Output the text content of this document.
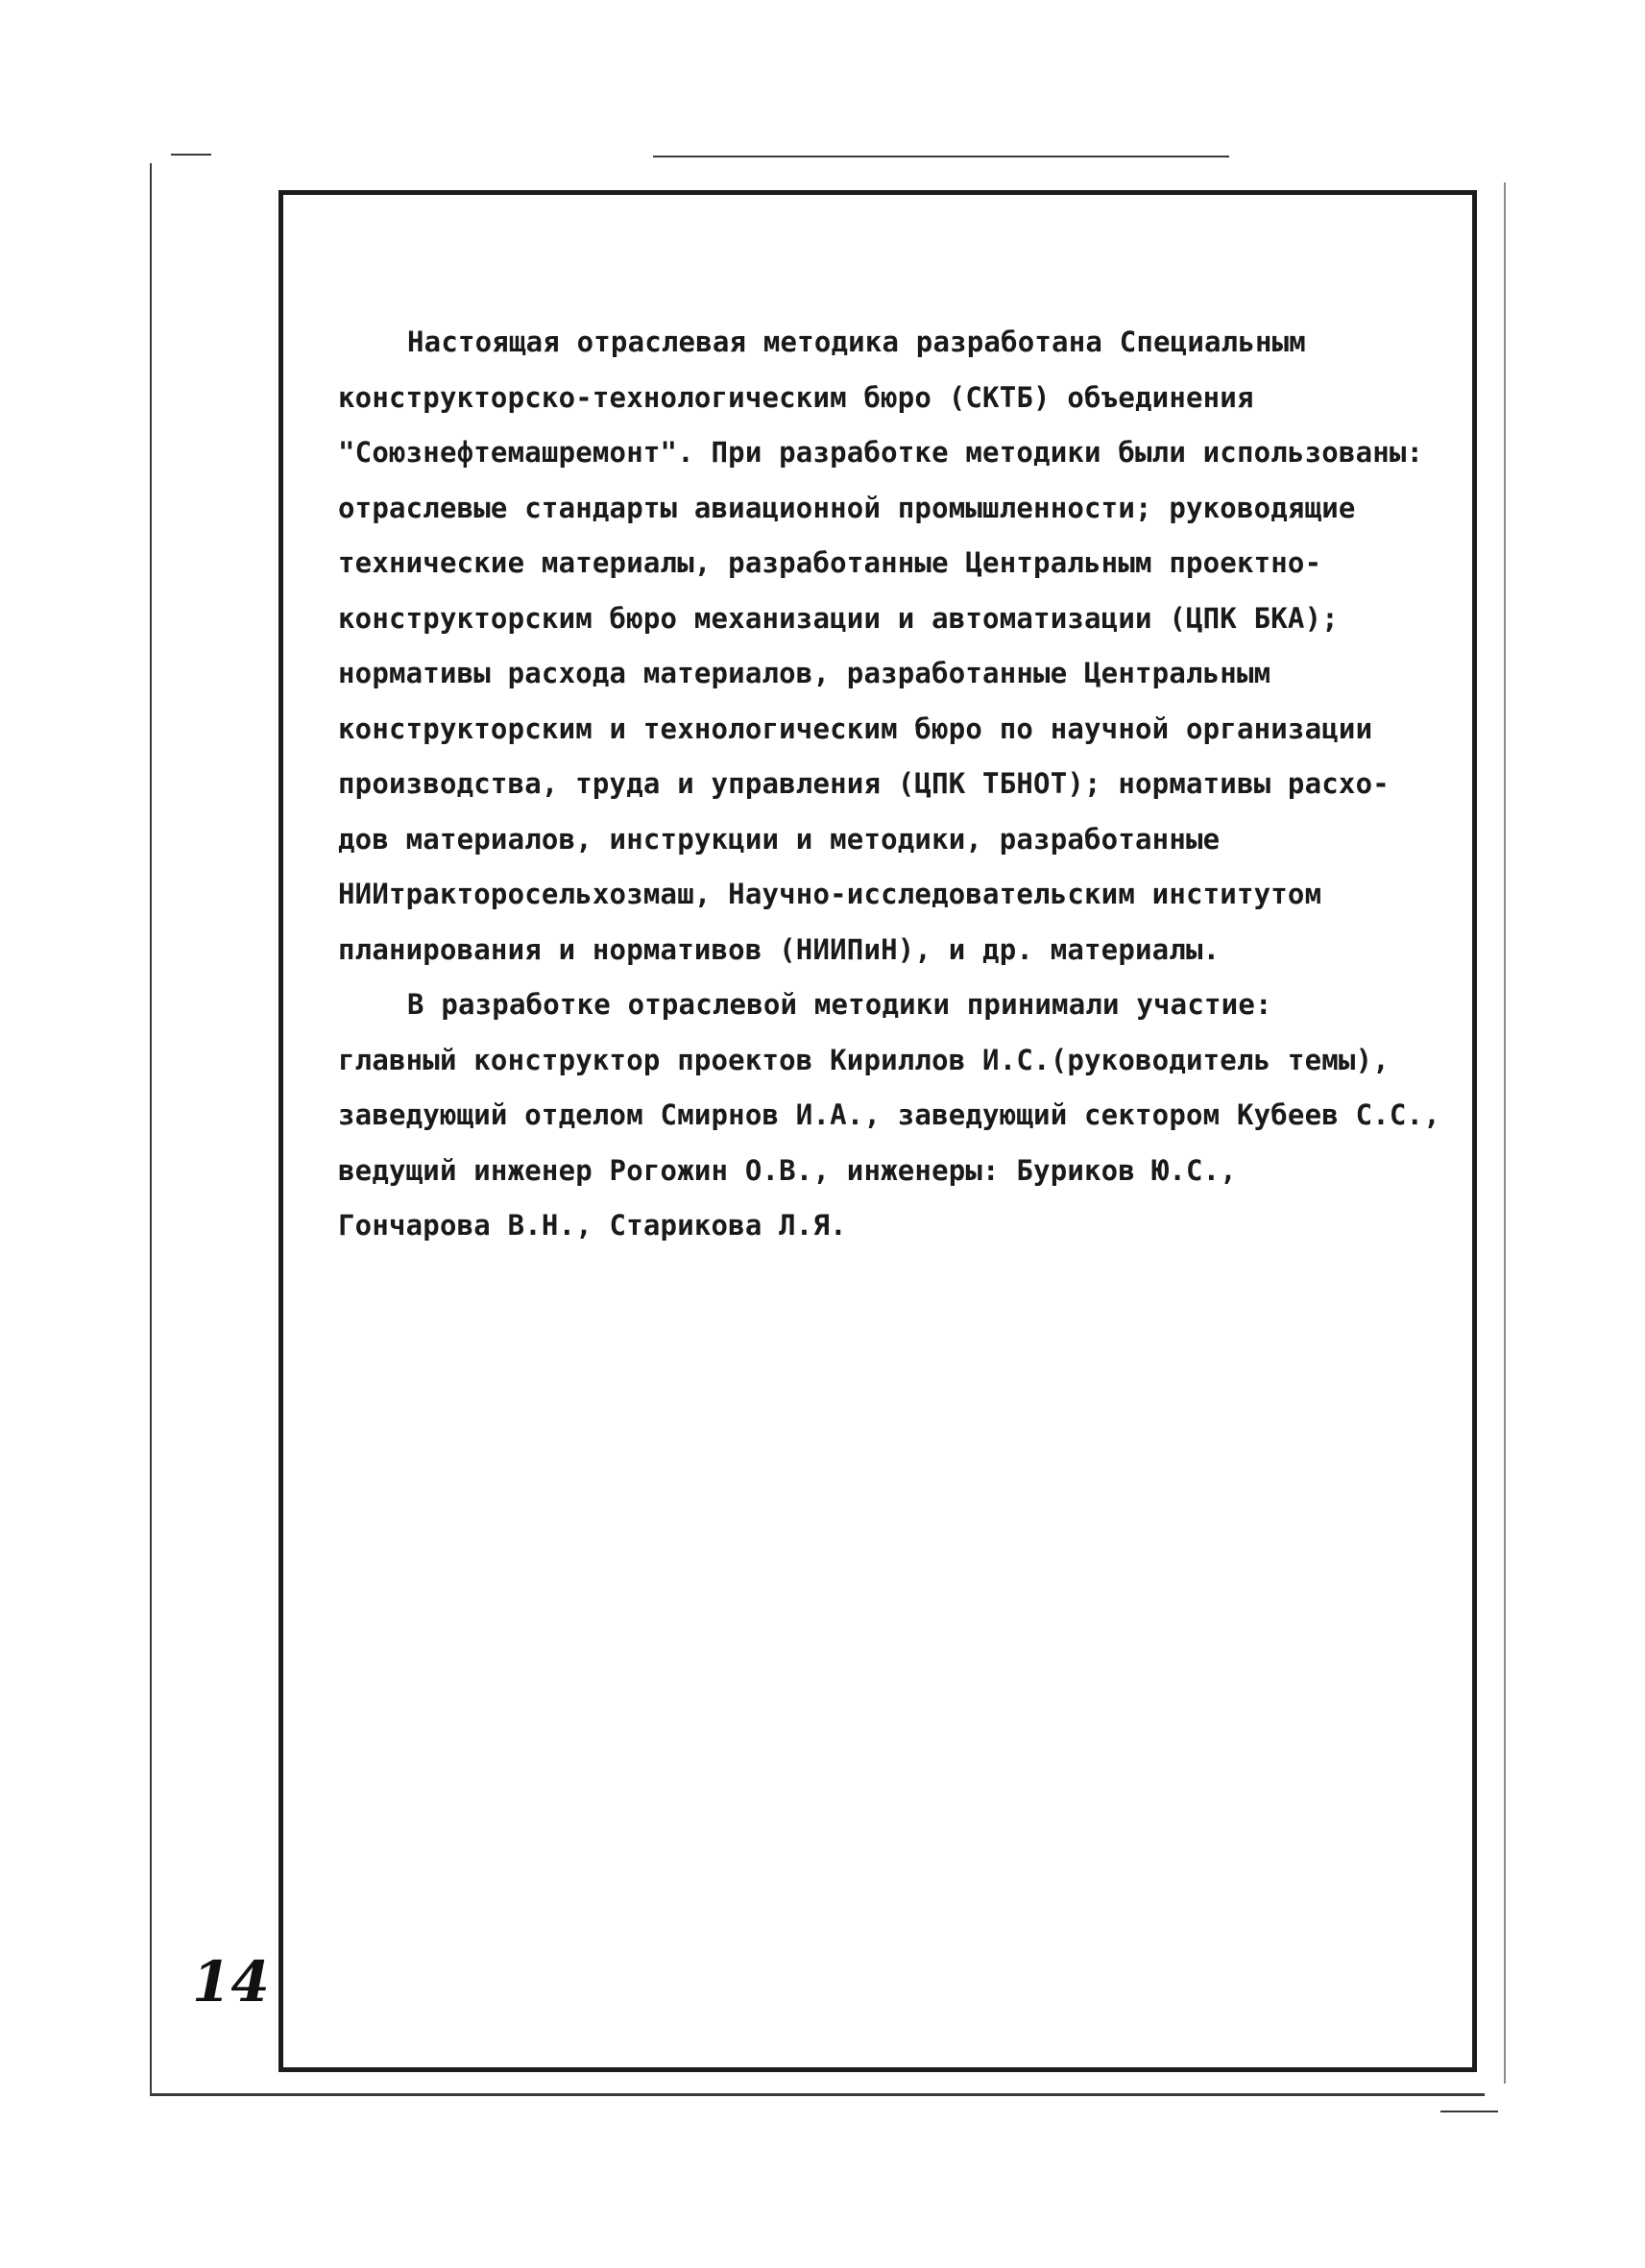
Настоящая отраслевая методика разработана Специальным
конструкторско-технологическим бюро (СКТБ) объединения
"Союзнефтемашремонт". При разработке методики были использованы:
отраслевые стандарты авиационной промышленности; руководящие
технические материалы, разработанные Центральным проектно-
конструкторским бюро механизации и автоматизации (ЦПК БКА);
нормативы расхода материалов, разработанные Центральным
конструкторским и технологическим бюро по научной организации
производства, труда и управления (ЦПК ТБНОТ); нормативы расхо-
дов материалов, инструкции и методики, разработанные
НИИтракторосельхозмаш, Научно-исследовательским институтом
планирования и нормативов (НИИПиН), и др. материалы.
В разработке отраслевой методики принимали участие:
главный конструктор проектов Кириллов И.С.(руководитель темы),
заведующий отделом Смирнов И.А., заведующий сектором Кубеев С.С.,
ведущий инженер Рогожин О.В., инженеры: Буриков Ю.С.,
Гончарова В.Н., Старикова Л.Я.
14
